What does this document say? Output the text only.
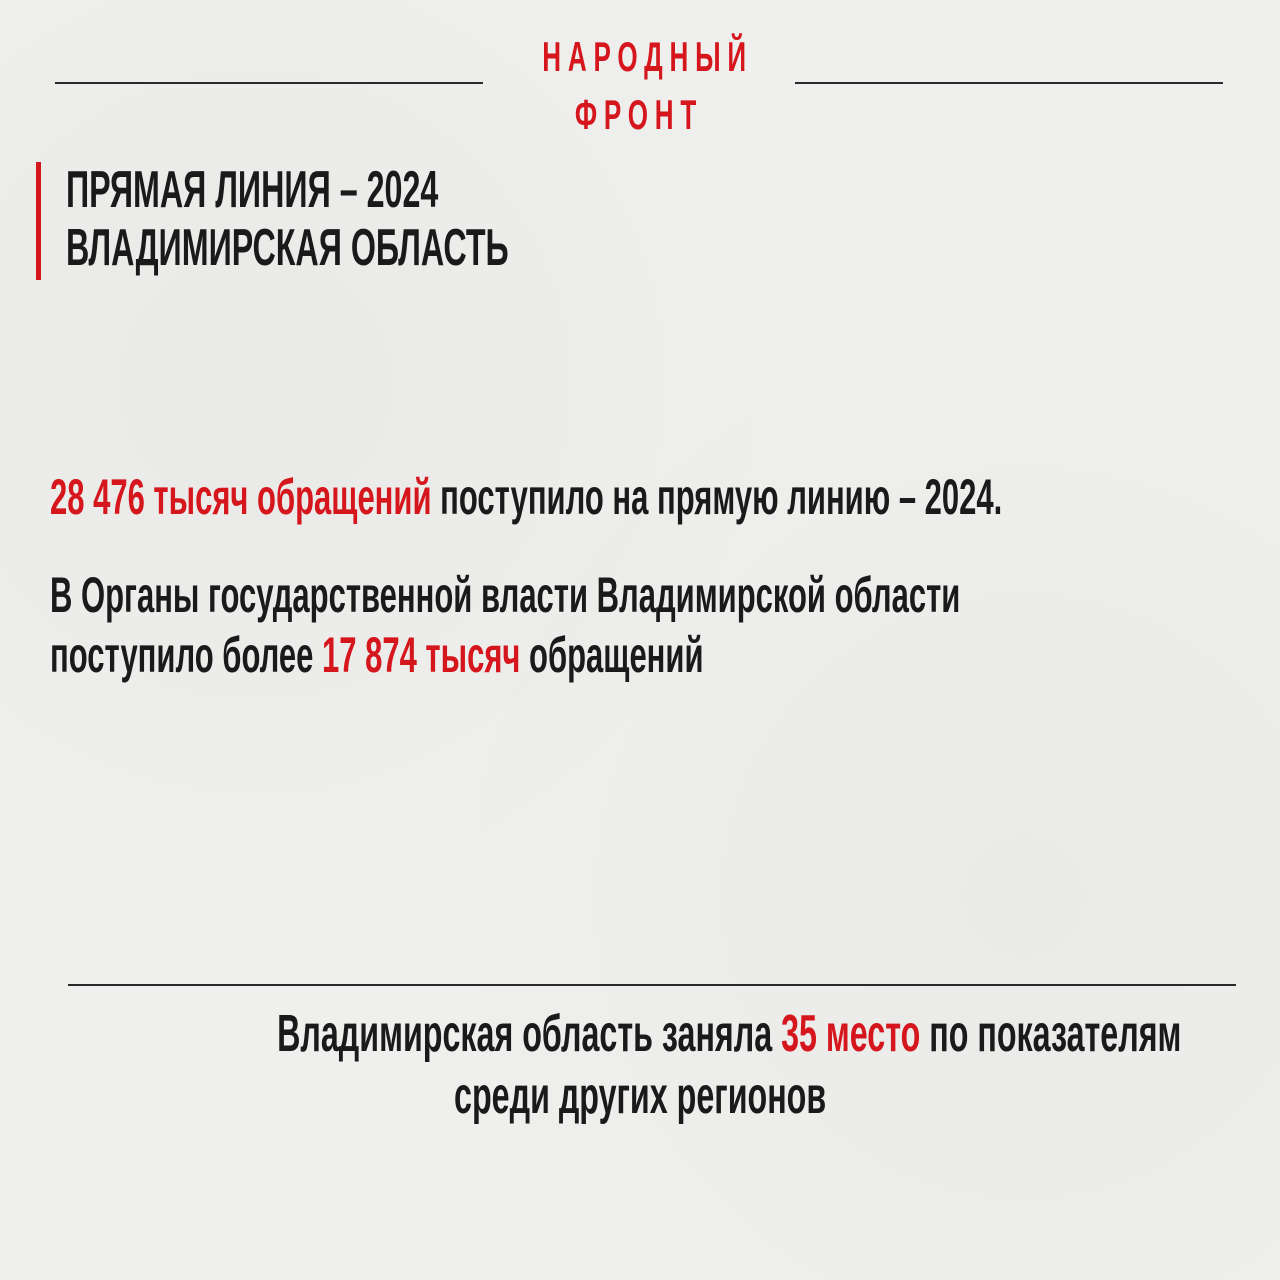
НАРОДНЫЙ
ФРОНТ
ПРЯМАЯ ЛИНИЯ – 2024
ВЛАДИМИРСКАЯ ОБЛАСТЬ
28 476 тысяч обращений поступило на прямую линию – 2024.
В Органы государственной власти Владимирской области
поступило более 17 874 тысяч обращений
Владимирская область заняла 35 место по показателям
среди других регионов
